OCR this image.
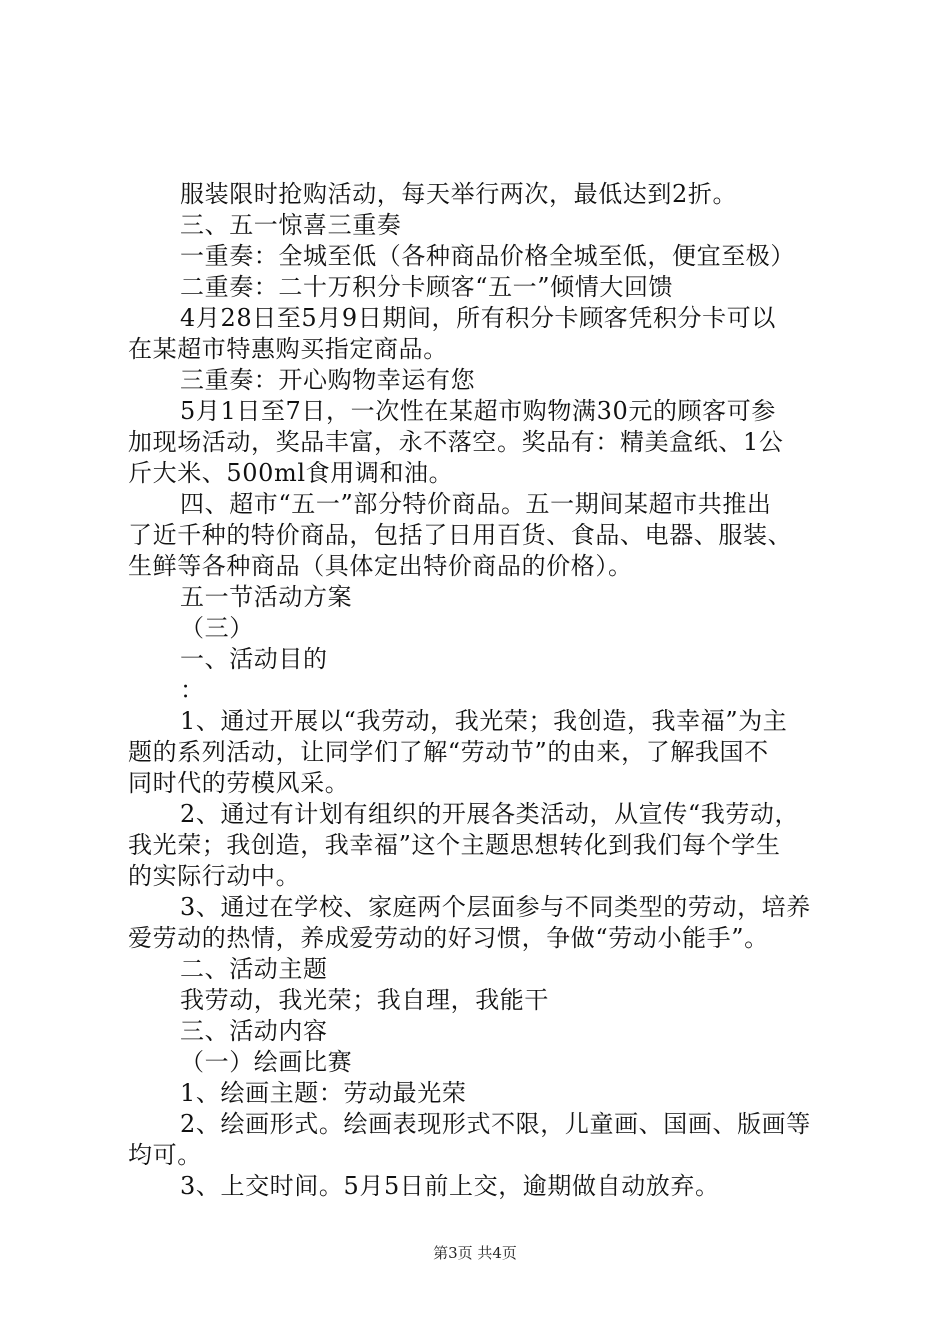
服装限时抢购活动，每天举行两次，最低达到2折。
三、五一惊喜三重奏
一重奏：全城至低（各种商品价格全城至低，便宜至极）
二重奏：二十万积分卡顾客“五一”倾情大回馈
4月28日至5月9日期间，所有积分卡顾客凭积分卡可以
在某超市特惠购买指定商品。
三重奏：开心购物幸运有您
5月1日至7日，一次性在某超市购物满30元的顾客可参
加现场活动，奖品丰富，永不落空。奖品有：精美盒纸、1公
斤大米、500ml食用调和油。
四、超市“五一”部分特价商品。五一期间某超市共推出
了近千种的特价商品，包括了日用百货、食品、电器、服装、
生鲜等各种商品（具体定出特价商品的价格）。
五一节活动方案
（三）
一、活动目的
：
1、通过开展以“我劳动，我光荣；我创造，我幸福”为主
题的系列活动，让同学们了解“劳动节”的由来，了解我国不
同时代的劳模风采。
2、通过有计划有组织的开展各类活动，从宣传“我劳动，
我光荣；我创造，我幸福”这个主题思想转化到我们每个学生
的实际行动中。
3、通过在学校、家庭两个层面参与不同类型的劳动，培养
爱劳动的热情，养成爱劳动的好习惯，争做“劳动小能手”。
二、活动主题
我劳动，我光荣；我自理，我能干
三、活动内容
（一）绘画比赛
1、绘画主题：劳动最光荣
2、绘画形式。绘画表现形式不限，儿童画、国画、版画等
均可。
3、上交时间。5月5日前上交，逾期做自动放弃。
第3页 共4页
